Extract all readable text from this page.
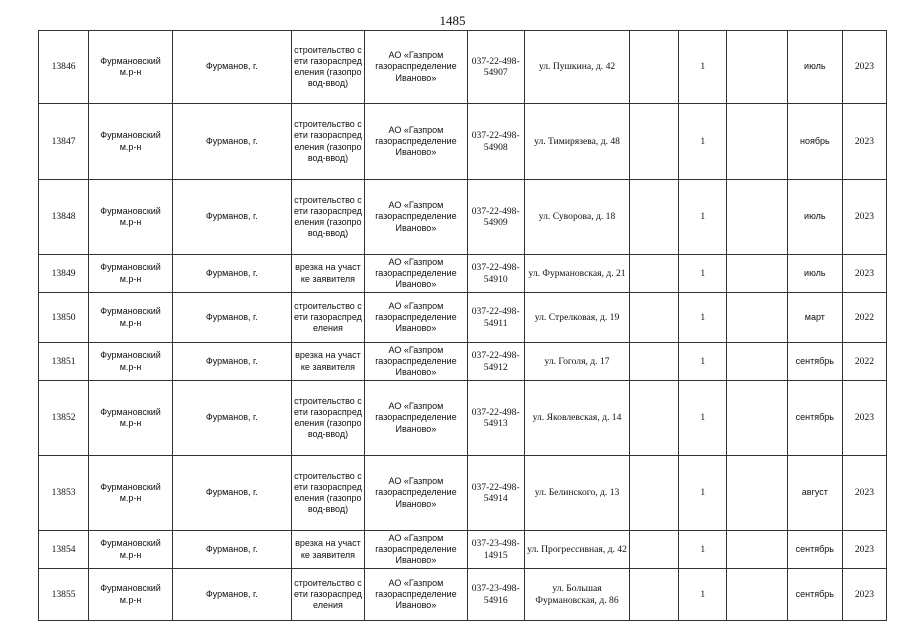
1485
13846	Фурмановский м.р-н	Фурманов, г.	строительство сети газораспределения (газопровод-ввод)	АО «Газпром газораспределение Иваново»	037-22-498-54907	ул. Пушкина, д. 42		1		июль	2023
13847	Фурмановский м.р-н	Фурманов, г.	строительство сети газораспределения (газопровод-ввод)	АО «Газпром газораспределение Иваново»	037-22-498-54908	ул. Тимирязева, д. 48		1		ноябрь	2023
13848	Фурмановский м.р-н	Фурманов, г.	строительство сети газораспределения (газопровод-ввод)	АО «Газпром газораспределение Иваново»	037-22-498-54909	ул. Суворова, д. 18		1		июль	2023
13849	Фурмановский м.р-н	Фурманов, г.	врезка на участке заявителя	АО «Газпром газораспределение Иваново»	037-22-498-54910	ул. Фурмановская, д. 21		1		июль	2023
13850	Фурмановский м.р-н	Фурманов, г.	строительство сети газораспределения	АО «Газпром газораспределение Иваново»	037-22-498-54911	ул. Стрелковая, д. 19		1		март	2022
13851	Фурмановский м.р-н	Фурманов, г.	врезка на участке заявителя	АО «Газпром газораспределение Иваново»	037-22-498-54912	ул. Гоголя, д. 17		1		сентябрь	2022
13852	Фурмановский м.р-н	Фурманов, г.	строительство сети газораспределения (газопровод-ввод)	АО «Газпром газораспределение Иваново»	037-22-498-54913	ул. Яковлевская, д. 14		1		сентябрь	2023
13853	Фурмановский м.р-н	Фурманов, г.	строительство сети газораспределения (газопровод-ввод)	АО «Газпром газораспределение Иваново»	037-22-498-54914	ул. Белинского, д. 13		1		август	2023
13854	Фурмановский м.р-н	Фурманов, г.	врезка на участке заявителя	АО «Газпром газораспределение Иваново»	037-23-498-14915	ул. Прогрессивная, д. 42		1		сентябрь	2023
13855	Фурмановский м.р-н	Фурманов, г.	строительство сети газораспределения	АО «Газпром газораспределение Иваново»	037-23-498-54916	ул. Большая Фурмановская, д. 86		1		сентябрь	2023
